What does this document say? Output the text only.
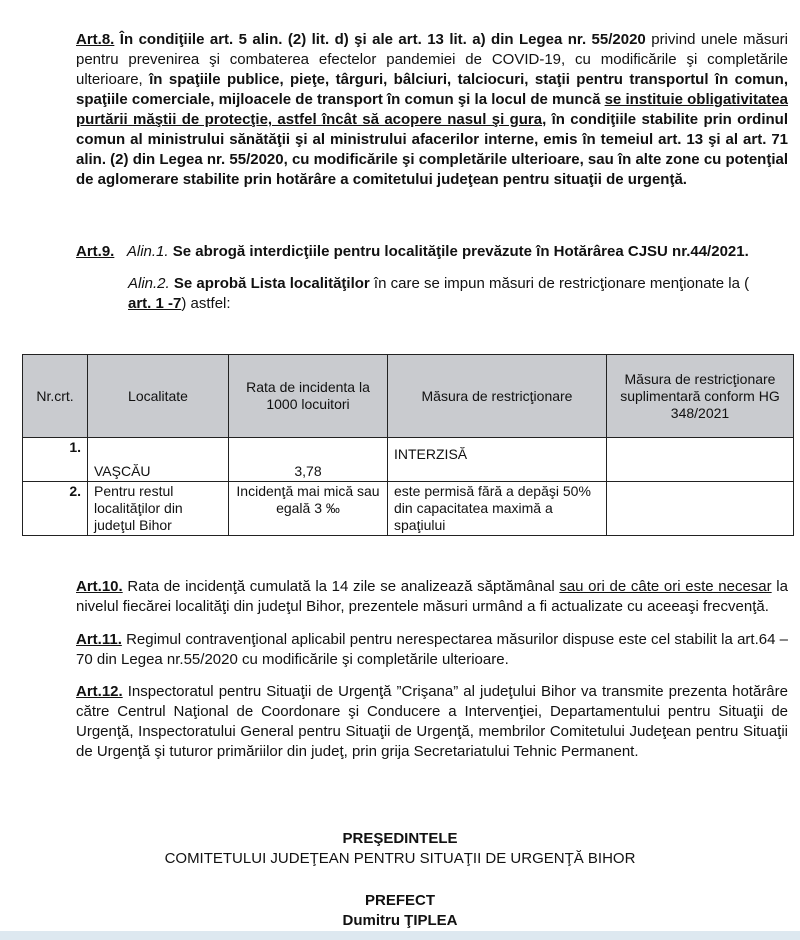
Art.8. În condiţiile art. 5 alin. (2) lit. d) şi ale art. 13 lit. a) din Legea nr. 55/2020 privind unele măsuri pentru prevenirea şi combaterea efectelor pandemiei de COVID-19, cu modificările şi completările ulterioare, în spaţiile publice, pieţe, târguri, bâlciuri, talciocuri, staţii pentru transportul în comun, spaţiile comerciale, mijloacele de transport în comun şi la locul de muncă se instituie obligativitatea purtării măştii de protecţie, astfel încât să acopere nasul şi gura, în condiţiile stabilite prin ordinul comun al ministrului sănătăţii şi al ministrului afacerilor interne, emis în temeiul art. 13 şi al art. 71 alin. (2) din Legea nr. 55/2020, cu modificările şi completările ulterioare, sau în alte zone cu potenţial de aglomerare stabilite prin hotărâre a comitetului judeţean pentru situaţii de urgenţă.

Art.9. Alin.1. Se abrogă interdicţiile pentru localităţile prevăzute în Hotărârea CJSU nr.44/2021.

Alin.2. Se aprobă Lista localităţilor în care se impun măsuri de restricţionare menţionate la ( art. 1 -7) astfel:

Nr.crt.	Localitate	Rata de incidenta la 1000 locuitori	Măsura de restricţionare	Măsura de restricţionare suplimentară conform HG 348/2021
1.	VAŞCĂU	3,78	INTERZISĂ	
2.	Pentru restul localităţilor din judeţul Bihor	Incidenţă mai mică sau egală 3 ‰	este permisă fără a depăşi 50% din capacitatea maximă a spaţiului	

Art.10. Rata de incidenţă cumulată la 14 zile se analizează săptămânal sau ori de câte ori este necesar la nivelul fiecărei localităţi din judeţul Bihor, prezentele măsuri urmând a fi actualizate cu aceeaşi frecvenţă.

Art.11. Regimul contravenţional aplicabil pentru nerespectarea măsurilor dispuse este cel stabilit la art.64 – 70 din Legea nr.55/2020 cu modificările şi completările ulterioare.

Art.12. Inspectoratul pentru Situaţii de Urgenţă ”Crişana” al judeţului Bihor va transmite prezenta hotărâre către Centrul Naţional de Coordonare şi Conducere a Intervenţiei, Departamentului pentru Situaţii de Urgenţă, Inspectoratului General pentru Situaţii de Urgenţă, membrilor Comitetului Judeţean pentru Situaţii de Urgenţă şi tuturor primăriilor din judeţ, prin grija Secretariatului Tehnic Permanent.

PREŞEDINTELE
COMITETULUI JUDEŢEAN PENTRU SITUAŢII DE URGENŢĂ BIHOR
PREFECT
Dumitru ŢIPLEA
